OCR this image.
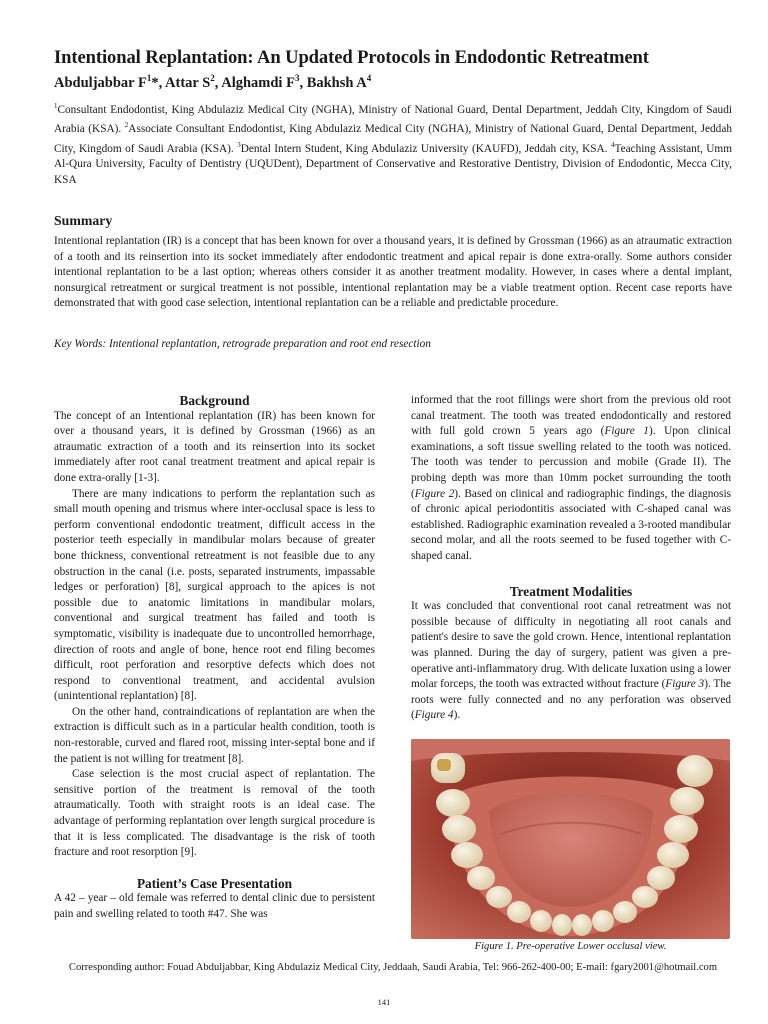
Intentional Replantation: An Updated Protocols in Endodontic Retreatment
Abduljabbar $F^1*$, Attar $S^2$, Alghamdi $F^3$, Bakhsh $A^4$
$^1$Consultant Endodontist, King Abdulaziz Medical City (NGHA), Ministry of National Guard, Dental Department, Jeddah City, Kingdom of Saudi Arabia (KSA). $^2$Associate Consultant Endodontist, King Abdulaziz Medical City (NGHA), Ministry of National Guard, Dental Department, Jeddah City, Kingdom of Saudi Arabia (KSA). $^3$Dental Intern Student, King Abdulaziz University (KAUFD), Jeddah city, KSA. $^4$Teaching Assistant, Umm Al-Qura University, Faculty of Dentistry (UQUDent), Department of Conservative and Restorative Dentistry, Division of Endodontic, Mecca City, KSA
Summary
Intentional replantation (IR) is a concept that has been known for over a thousand years, it is defined by Grossman (1966) as an atraumatic extraction of a tooth and its reinsertion into its socket immediately after endodontic treatment and apical repair is done extra-orally. Some authors consider intentional replantation to be a last option; whereas others consider it as another treatment modality. However, in cases where a dental implant, nonsurgical retreatment or surgical treatment is not possible, intentional replantation may be a viable treatment option. Recent case reports have demonstrated that with good case selection, intentional replantation can be a reliable and predictable procedure.
Key Words: Intentional replantation, retrograde preparation and root end resection

Background

The concept of an Intentional replantation (IR) has been known for over a thousand years, it is defined by Grossman (1966) as an atraumatic extraction of a tooth and its reinsertion into its socket immediately after root canal treatment treatment and apical repair is done extra-orally [1-3].

There are many indications to perform the replantation such as small mouth opening and trismus where inter-occlusal space is less to perform conventional endodontic treatment, difficult access in the posterior teeth especially in mandibular molars because of greater bone thickness, conventional retreatment is not feasible due to any obstruction in the canal (i.e. posts, separated instruments, impassable ledges or perforation) [8], surgical approach to the apices is not possible due to anatomic limitations in mandibular molars, conventional and surgical treatment has failed and tooth is symptomatic, visibility is inadequate due to uncontrolled hemorrhage, direction of roots and angle of bone, hence root end filing becomes difficult, root perforation and resorptive defects which does not respond to conventional treatment, and accidental avulsion (unintentional replantation) [8].

On the other hand, contraindications of replantation are when the extraction is difficult such as in a particular health condition, tooth is non-restorable, curved and flared root, missing inter-septal bone and if the patient is not willing for treatment [8].

Case selection is the most crucial aspect of replantation. The sensitive portion of the treatment is removal of the tooth atraumatically. Tooth with straight roots is an ideal case. The advantage of performing replantation over length surgical procedure is that it is less complicated. The disadvantage is the risk of tooth fracture and root resorption [9].

Patient’s Case Presentation

A 42 – year – old female was referred to dental clinic due to persistent pain and swelling related to tooth #47. She was

informed that the root fillings were short from the previous old root canal treatment. The tooth was treated endodontically and restored with full gold crown 5 years ago (Figure 1). Upon clinical examinations, a soft tissue swelling related to the tooth was noticed. The tooth was tender to percussion and mobile (Grade II). The probing depth was more than 10mm pocket surrounding the tooth (Figure 2). Based on clinical and radiographic findings, the diagnosis of chronic apical periodontitis associated with C-shaped canal was established. Radiographic examination revealed a 3-rooted mandibular second molar, and all the roots seemed to be fused together with C-shaped canal.

Treatment Modalities

It was concluded that conventional root canal retreatment was not possible because of difficulty in negotiating all root canals and patient's desire to save the gold crown. Hence, intentional replantation was planned. During the day of surgery, patient was given a pre-operative anti-inflammatory drug. With delicate luxation using a lower molar forceps, the tooth was extracted without fracture (Figure 3). The roots were fully connected and no any perforation was observed (Figure 4).

Figure 1. Pre-operative Lower occlusal view.
Corresponding author: Fouad Abduljabbar, King Abdulaziz Medical City, Jeddaah, Saudi Arabia, Tel: 966-262-400-00; E-mail: fgary2001@hotmail.com
141
